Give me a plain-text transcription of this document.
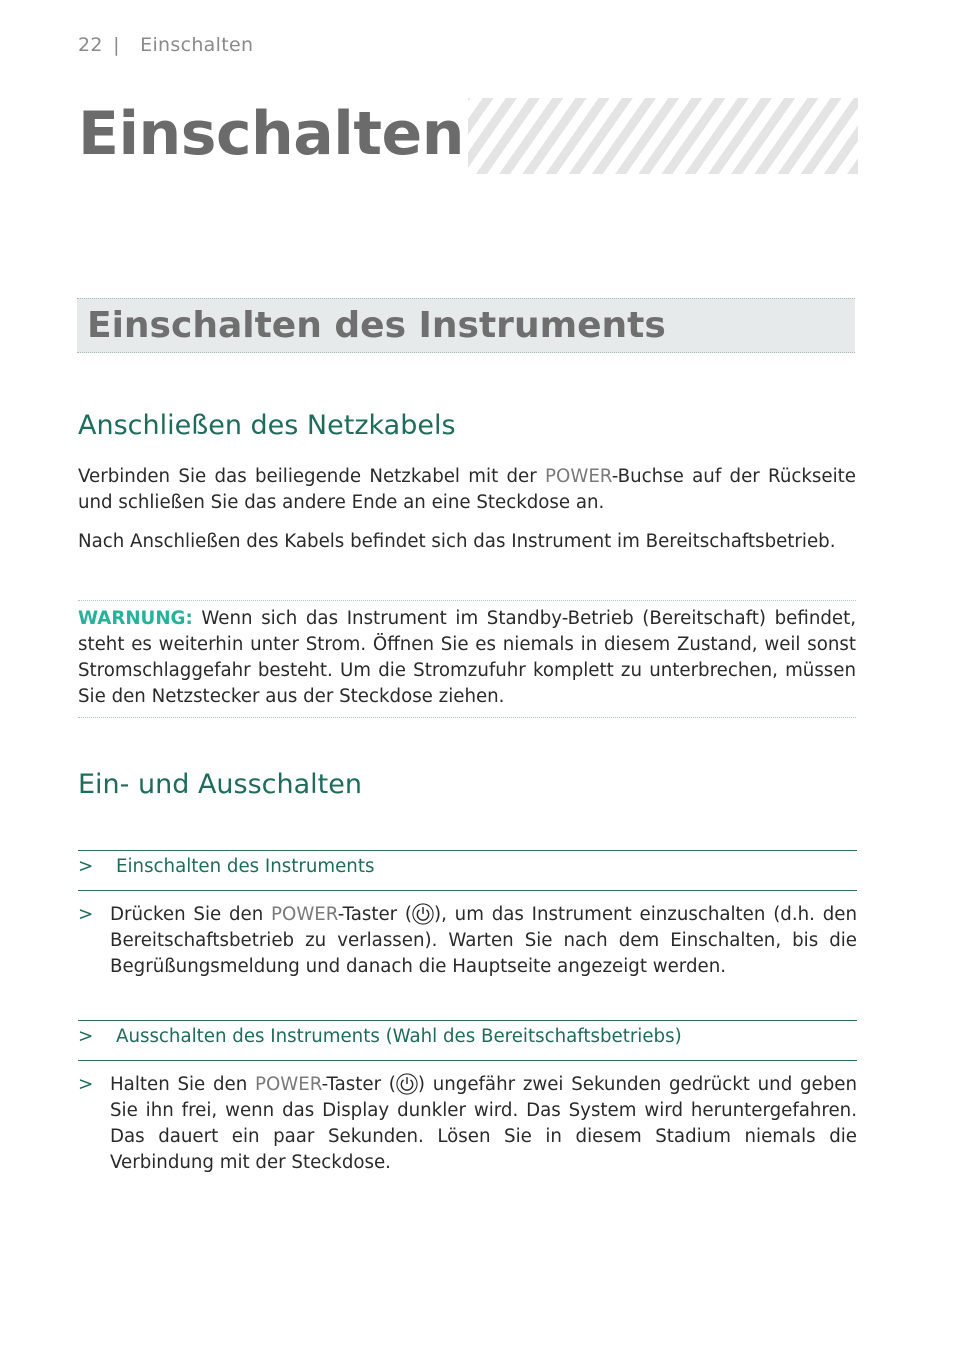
22 | Einschalten
Einschalten
Einschalten des Instruments
Anschließen des Netzkabels
Verbinden Sie das beiliegende Netzkabel mit der POWER-Buchse auf der Rückseite und schließen Sie das andere Ende an eine Steckdose an.
Nach Anschließen des Kabels befindet sich das Instrument im Bereitschaftsbetrieb.
WARNUNG: Wenn sich das Instrument im Standby-Betrieb (Bereitschaft) befindet, steht es weiterhin unter Strom. Öffnen Sie es niemals in diesem Zustand, weil sonst Stromschlaggefahr besteht. Um die Stromzufuhr komplett zu unterbrechen, müssen Sie den Netzstecker aus der Steckdose ziehen.
Ein- und Ausschalten
> Einschalten des Instruments
> Drücken Sie den POWER-Taster ( ), um das Instrument einzuschalten (d.h. den Bereitschaftsbetrieb zu verlassen). Warten Sie nach dem Einschalten, bis die Begrüßungsmeldung und danach die Hauptseite angezeigt werden.
> Ausschalten des Instruments (Wahl des Bereitschaftsbetriebs)
> Halten Sie den POWER-Taster ( ) ungefähr zwei Sekunden gedrückt und geben Sie ihn frei, wenn das Display dunkler wird. Das System wird heruntergefahren. Das dauert ein paar Sekunden. Lösen Sie in diesem Stadium niemals die Verbindung mit der Steckdose.
